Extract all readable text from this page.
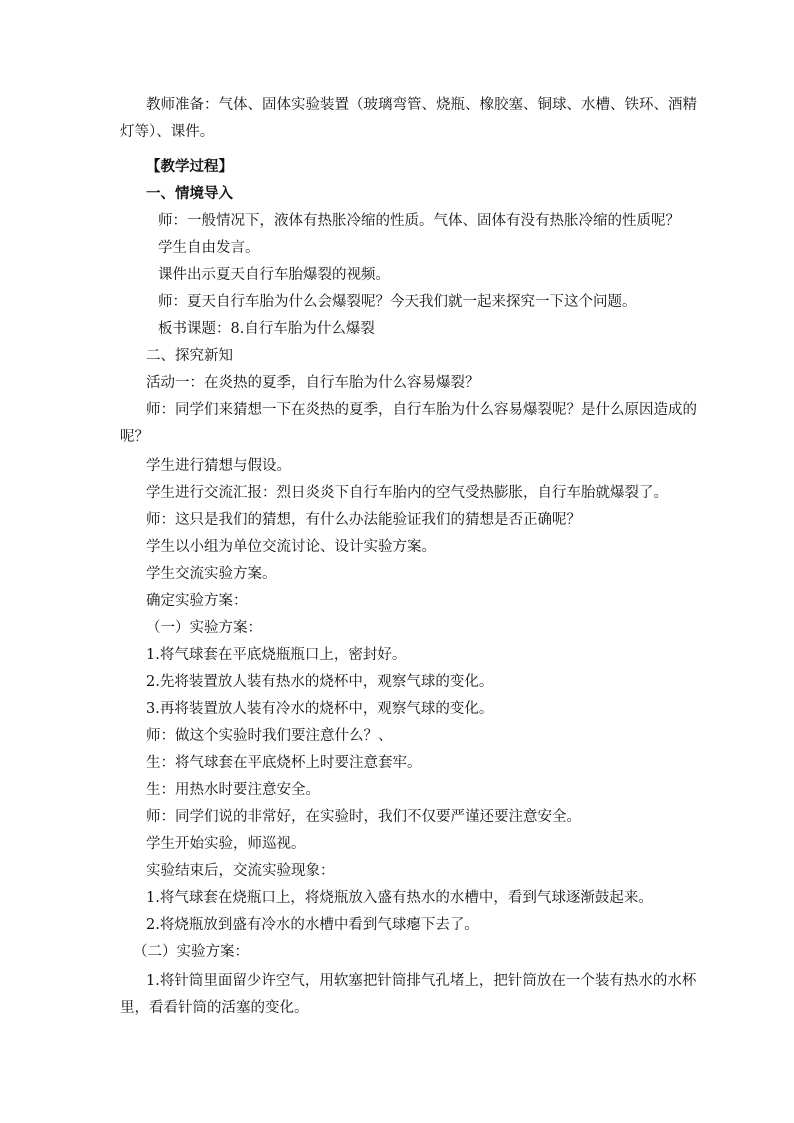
教师准备：气体、固体实验装置（玻璃弯管、烧瓶、橡胶塞、铜球、水槽、铁环、酒精
灯等）、课件。
【教学过程】
一、情境导入
师：一般情况下，液体有热胀冷缩的性质。气体、固体有没有热胀冷缩的性质呢？
学生自由发言。
课件出示夏天自行车胎爆裂的视频。
师：夏天自行车胎为什么会爆裂呢？今天我们就一起来探究一下这个问题。
板书课题：8.自行车胎为什么爆裂
二、探究新知
活动一：在炎热的夏季，自行车胎为什么容易爆裂？
师：同学们来猜想一下在炎热的夏季，自行车胎为什么容易爆裂呢？是什么原因造成的
呢？
学生进行猜想与假设。
学生进行交流汇报：烈日炎炎下自行车胎内的空气受热膨胀，自行车胎就爆裂了。
师：这只是我们的猜想，有什么办法能验证我们的猜想是否正确呢？
学生以小组为单位交流讨论、设计实验方案。
学生交流实验方案。
确定实验方案：
（一）实验方案：
1.将气球套在平底烧瓶瓶口上，密封好。
2.先将装置放人装有热水的烧杯中，观察气球的变化。
3.再将装置放人装有冷水的烧杯中，观察气球的变化。
师：做这个实验时我们要注意什么？、
生：将气球套在平底烧杯上时要注意套牢。
生：用热水时要注意安全。
师：同学们说的非常好，在实验时，我们不仅要严谨还要注意安全。
学生开始实验，师巡视。
实验结束后，交流实验现象：
1.将气球套在烧瓶口上，将烧瓶放入盛有热水的水槽中，看到气球逐渐鼓起来。
2.将烧瓶放到盛有冷水的水槽中看到气球瘪下去了。
（二）实验方案：
1.将针筒里面留少许空气，用软塞把针筒排气孔堵上，把针筒放在一个装有热水的水杯
里，看看针筒的活塞的变化。
